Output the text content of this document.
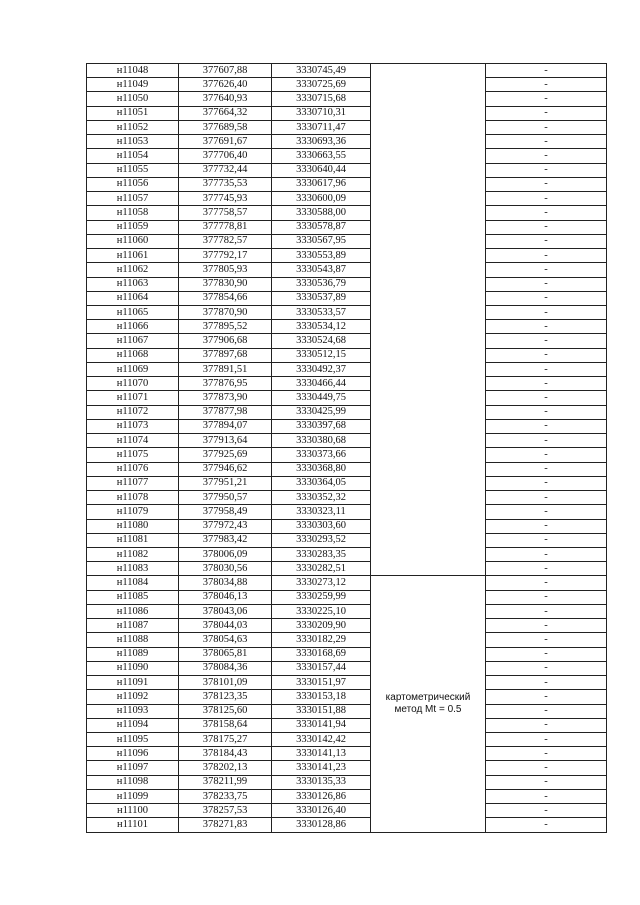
н11048	377607,88	3330745,49		-
н11049	377626,40	3330725,69		-
н11050	377640,93	3330715,68		-
н11051	377664,32	3330710,31		-
н11052	377689,58	3330711,47		-
н11053	377691,67	3330693,36		-
н11054	377706,40	3330663,55		-
н11055	377732,44	3330640,44		-
н11056	377735,53	3330617,96		-
н11057	377745,93	3330600,09		-
н11058	377758,57	3330588,00		-
н11059	377778,81	3330578,87		-
н11060	377782,57	3330567,95		-
н11061	377792,17	3330553,89		-
н11062	377805,93	3330543,87		-
н11063	377830,90	3330536,79		-
н11064	377854,66	3330537,89		-
н11065	377870,90	3330533,57		-
н11066	377895,52	3330534,12		-
н11067	377906,68	3330524,68		-
н11068	377897,68	3330512,15		-
н11069	377891,51	3330492,37		-
н11070	377876,95	3330466,44		-
н11071	377873,90	3330449,75		-
н11072	377877,98	3330425,99		-
н11073	377894,07	3330397,68		-
н11074	377913,64	3330380,68		-
н11075	377925,69	3330373,66		-
н11076	377946,62	3330368,80		-
н11077	377951,21	3330364,05		-
н11078	377950,57	3330352,32		-
н11079	377958,49	3330323,11		-
н11080	377972,43	3330303,60		-
н11081	377983,42	3330293,52		-
н11082	378006,09	3330283,35		-
н11083	378030,56	3330282,51		-
н11084	378034,88	3330273,12	картометрический метод Mt = 0.5	-
н11085	378046,13	3330259,99		-
н11086	378043,06	3330225,10		-
н11087	378044,03	3330209,90		-
н11088	378054,63	3330182,29		-
н11089	378065,81	3330168,69		-
н11090	378084,36	3330157,44		-
н11091	378101,09	3330151,97		-
н11092	378123,35	3330153,18		-
н11093	378125,60	3330151,88		-
н11094	378158,64	3330141,94		-
н11095	378175,27	3330142,42		-
н11096	378184,43	3330141,13		-
н11097	378202,13	3330141,23		-
н11098	378211,99	3330135,33		-
н11099	378233,75	3330126,86		-
н11100	378257,53	3330126,40		-
н11101	378271,83	3330128,86		-
